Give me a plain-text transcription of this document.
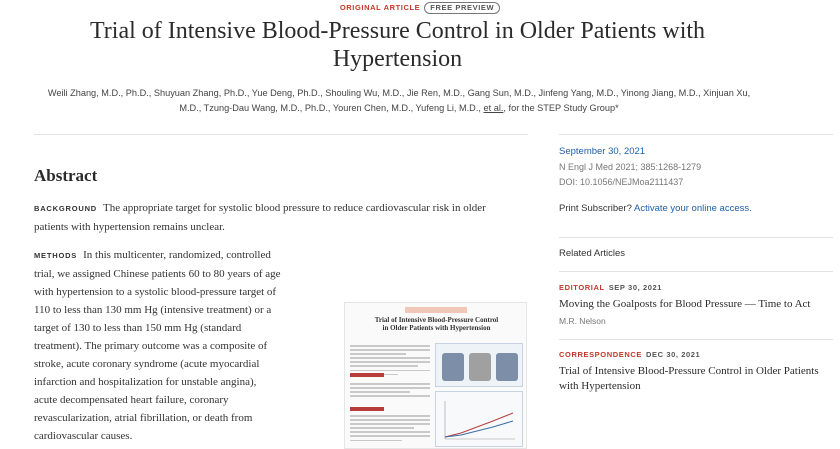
ORIGINAL ARTICLE FREE PREVIEW
Trial of Intensive Blood-Pressure Control in Older Patients with
Hypertension
Weili Zhang, M.D., Ph.D., Shuyuan Zhang, Ph.D., Yue Deng, Ph.D., Shouling Wu, M.D., Jie Ren, M.D., Gang Sun, M.D., Jinfeng Yang, M.D., Yinong Jiang, M.D., Xinjuan Xu,
M.D., Tzung-Dau Wang, M.D., Ph.D., Youren Chen, M.D., Yufeng Li, M.D., et al., for the STEP Study Group*
September 30, 2021
N Engl J Med 2021; 385:1268-1279
DOI: 10.1056/NEJMoa2111437
Print Subscriber? Activate your online access.
Related Articles
EDITORIAL SEP 30, 2021
Moving the Goalposts for Blood Pressure — Time to Act
M.R. Nelson
CORRESPONDENCE DEC 30, 2021
Trial of Intensive Blood-Pressure Control in Older Patients
with Hypertension
Abstract
BACKGROUND The appropriate target for systolic blood pressure to reduce cardiovascular risk in older
patients with hypertension remains unclear.
METHODS In this multicenter, randomized, controlled
trial, we assigned Chinese patients 60 to 80 years of age
with hypertension to a systolic blood-pressure target of
110 to less than 130 mm Hg (intensive treatment) or a
target of 130 to less than 150 mm Hg (standard
treatment). The primary outcome was a composite of
stroke, acute coronary syndrome (acute myocardial
infarction and hospitalization for unstable angina),
acute decompensated heart failure, coronary
revascularization, atrial fibrillation, or death from
cardiovascular causes.
Trial of Intensive Blood-Pressure Control
in Older Patients with Hypertension
